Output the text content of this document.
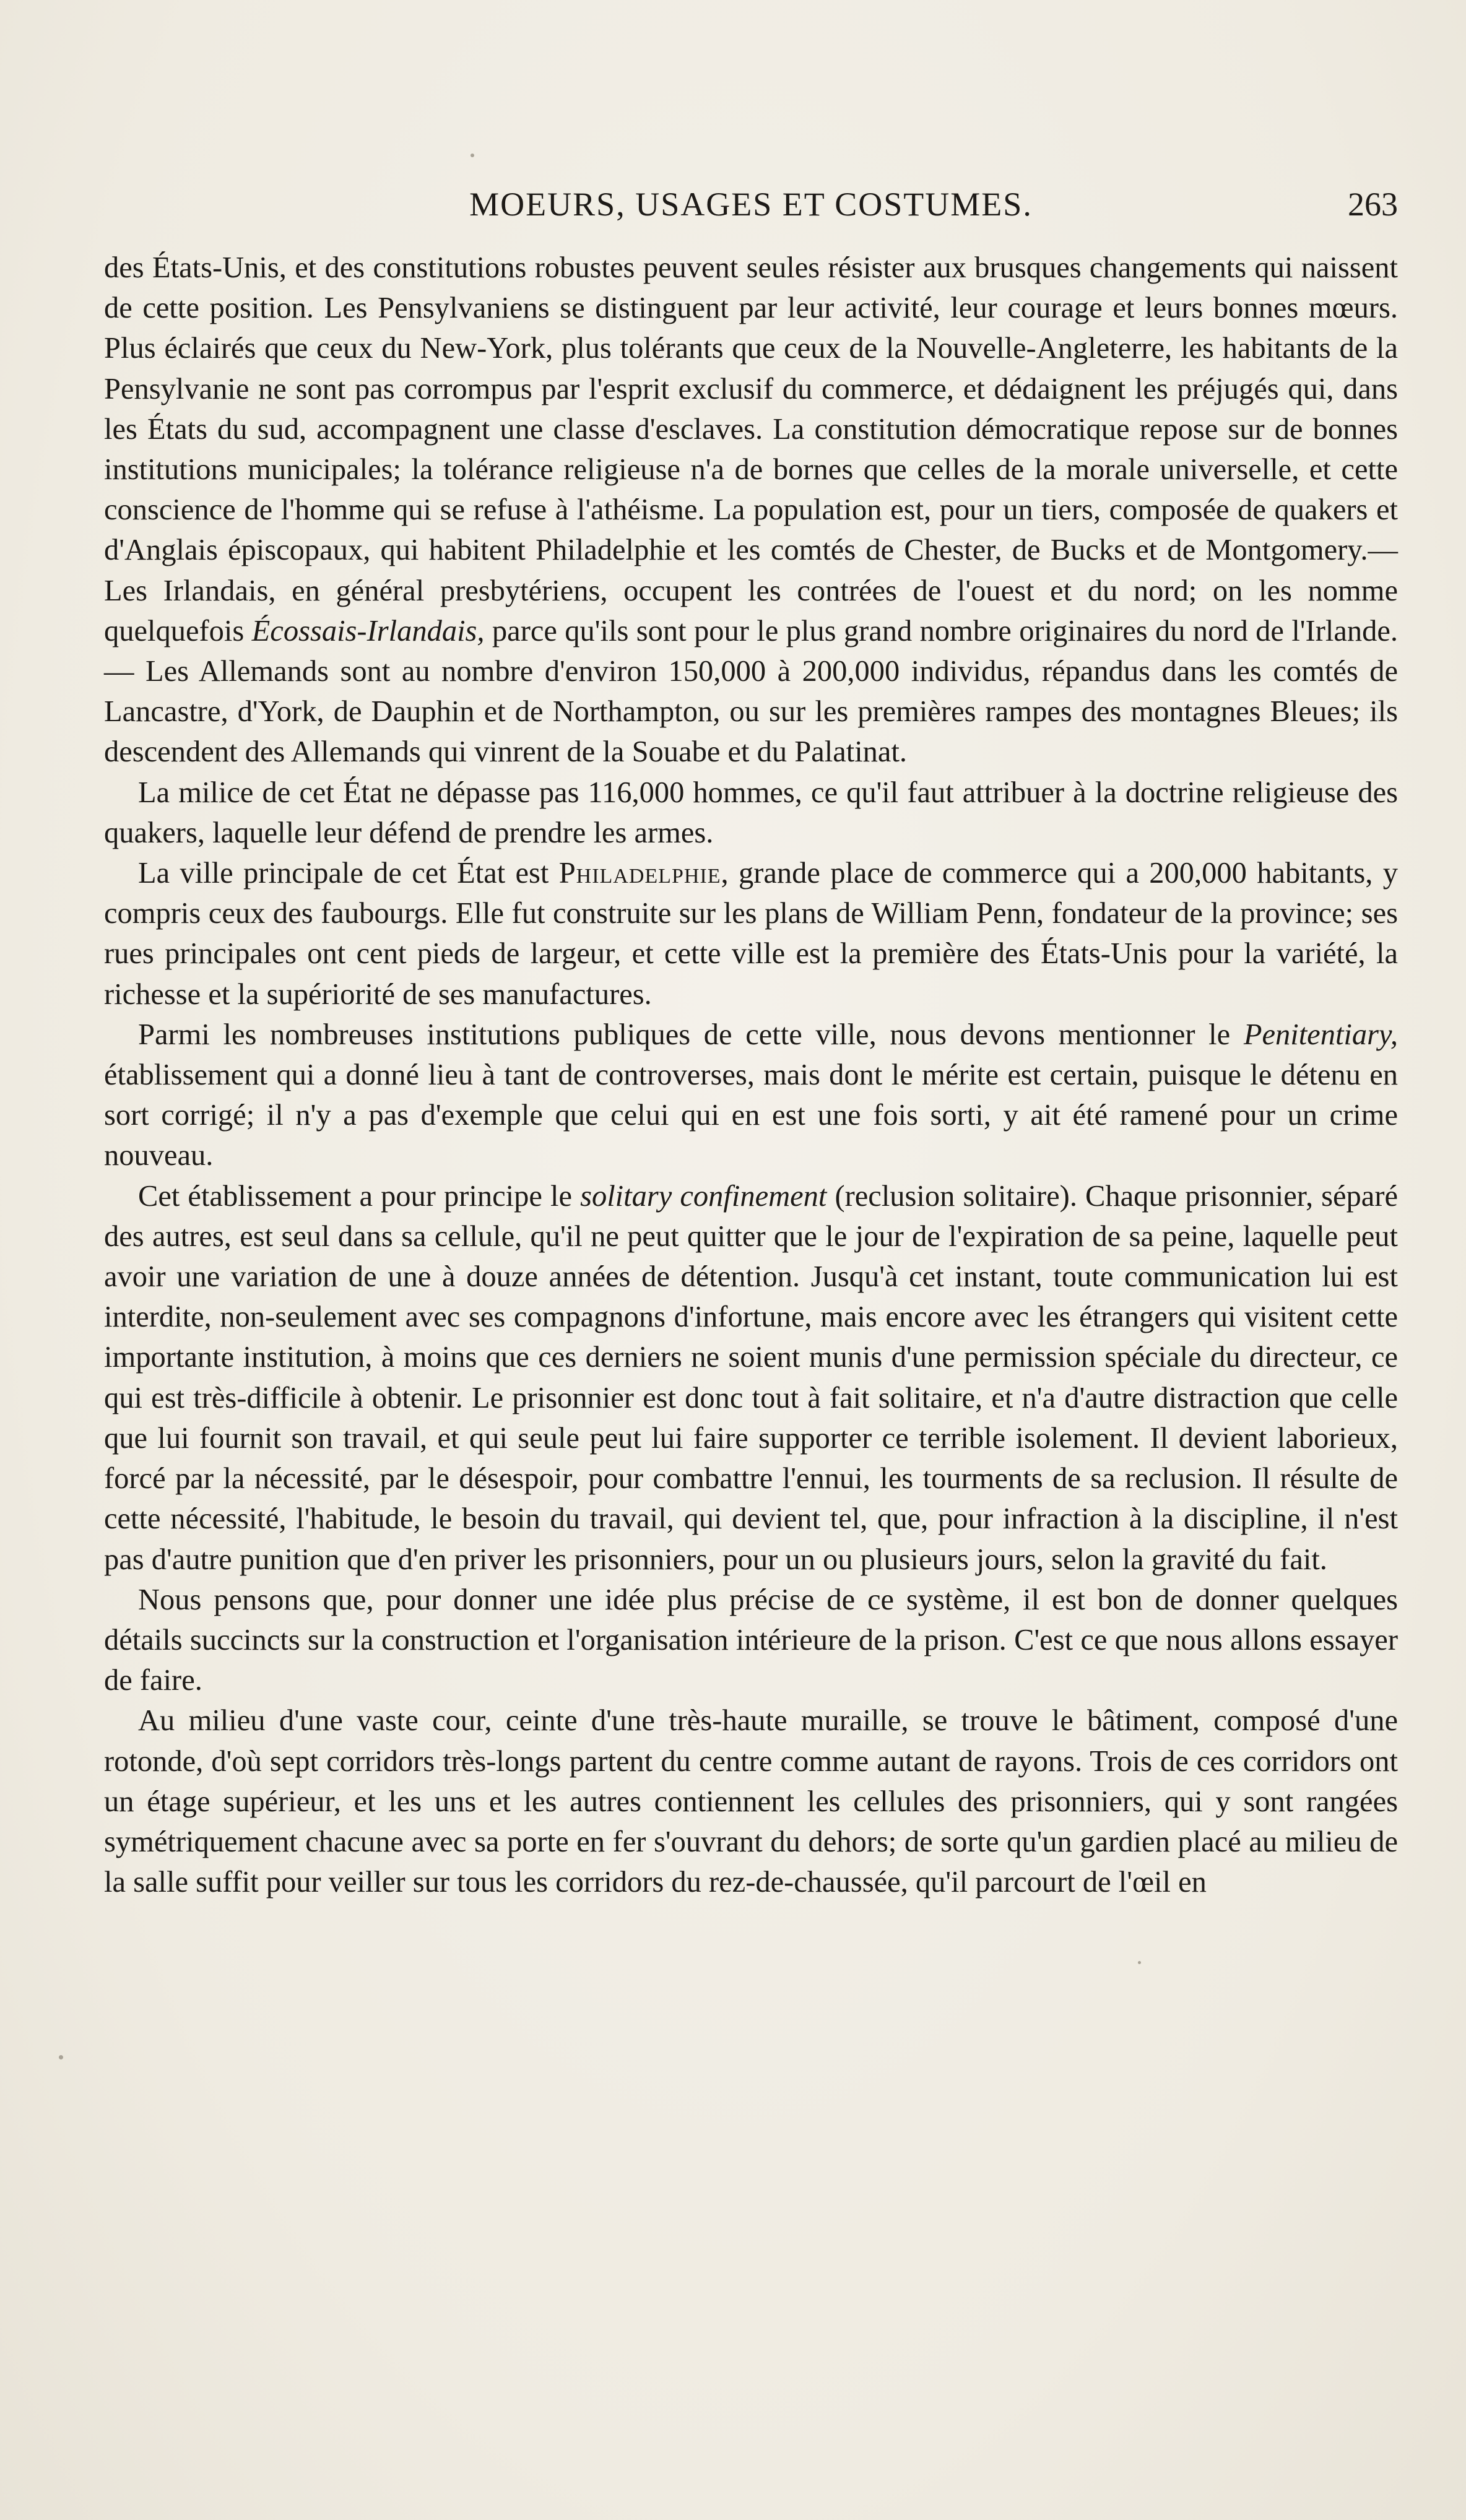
MOEURS, USAGES ET COSTUMES.	263

des États-Unis, et des constitutions robustes peuvent seules résister aux brusques changements qui naissent de cette position. Les Pensylvaniens se distinguent par leur activité, leur courage et leurs bonnes mœurs. Plus éclairés que ceux du New-York, plus tolérants que ceux de la Nouvelle-Angleterre, les habitants de la Pensylvanie ne sont pas corrompus par l'esprit exclusif du commerce, et dédaignent les préjugés qui, dans les États du sud, accompagnent une classe d'esclaves. La constitution démocratique repose sur de bonnes institutions municipales; la tolérance religieuse n'a de bornes que celles de la morale universelle, et cette conscience de l'homme qui se refuse à l'athéisme. La population est, pour un tiers, composée de quakers et d'Anglais épiscopaux, qui habitent Philadelphie et les comtés de Chester, de Bucks et de Montgomery.—Les Irlandais, en général presbytériens, occupent les contrées de l'ouest et du nord; on les nomme quelquefois Écossais-Irlandais, parce qu'ils sont pour le plus grand nombre originaires du nord de l'Irlande. — Les Allemands sont au nombre d'environ 150,000 à 200,000 individus, répandus dans les comtés de Lancastre, d'York, de Dauphin et de Northampton, ou sur les premières rampes des montagnes Bleues; ils descendent des Allemands qui vinrent de la Souabe et du Palatinat.

La milice de cet État ne dépasse pas 116,000 hommes, ce qu'il faut attribuer à la doctrine religieuse des quakers, laquelle leur défend de prendre les armes.

La ville principale de cet État est Philadelphie, grande place de commerce qui a 200,000 habitants, y compris ceux des faubourgs. Elle fut construite sur les plans de William Penn, fondateur de la province; ses rues principales ont cent pieds de largeur, et cette ville est la première des États-Unis pour la variété, la richesse et la supériorité de ses manufactures.

Parmi les nombreuses institutions publiques de cette ville, nous devons mentionner le Penitentiary, établissement qui a donné lieu à tant de controverses, mais dont le mérite est certain, puisque le détenu en sort corrigé; il n'y a pas d'exemple que celui qui en est une fois sorti, y ait été ramené pour un crime nouveau.

Cet établissement a pour principe le solitary confinement (reclusion solitaire). Chaque prisonnier, séparé des autres, est seul dans sa cellule, qu'il ne peut quitter que le jour de l'expiration de sa peine, laquelle peut avoir une variation de une à douze années de détention. Jusqu'à cet instant, toute communication lui est interdite, non-seulement avec ses compagnons d'infortune, mais encore avec les étrangers qui visitent cette importante institution, à moins que ces derniers ne soient munis d'une permission spéciale du directeur, ce qui est très-difficile à obtenir. Le prisonnier est donc tout à fait solitaire, et n'a d'autre distraction que celle que lui fournit son travail, et qui seule peut lui faire supporter ce terrible isolement. Il devient laborieux, forcé par la nécessité, par le désespoir, pour combattre l'ennui, les tourments de sa reclusion. Il résulte de cette nécessité, l'habitude, le besoin du travail, qui devient tel, que, pour infraction à la discipline, il n'est pas d'autre punition que d'en priver les prisonniers, pour un ou plusieurs jours, selon la gravité du fait.

Nous pensons que, pour donner une idée plus précise de ce système, il est bon de donner quelques détails succincts sur la construction et l'organisation intérieure de la prison. C'est ce que nous allons essayer de faire.

Au milieu d'une vaste cour, ceinte d'une très-haute muraille, se trouve le bâtiment, composé d'une rotonde, d'où sept corridors très-longs partent du centre comme autant de rayons. Trois de ces corridors ont un étage supérieur, et les uns et les autres contiennent les cellules des prisonniers, qui y sont rangées symétriquement chacune avec sa porte en fer s'ouvrant du dehors; de sorte qu'un gardien placé au milieu de la salle suffit pour veiller sur tous les corridors du rez-de-chaussée, qu'il parcourt de l'œil en
